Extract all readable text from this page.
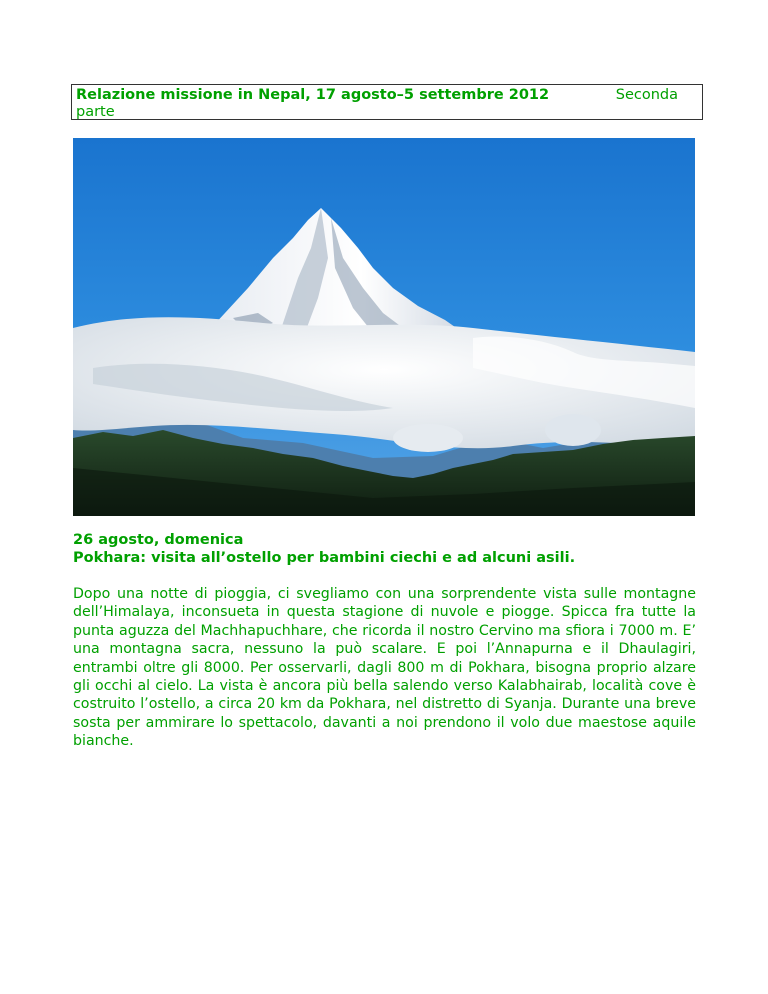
Relazione missione in Nepal, 17 agosto–5 settembre 2012	Seconda
parte
26 agosto, domenica
Pokhara: visita all’ostello per bambini ciechi e ad alcuni asili.

Dopo una notte di pioggia, ci svegliamo con una sorprendente vista sulle montagne dell’Himalaya, inconsueta in questa stagione di nuvole e piogge. Spicca fra tutte la punta aguzza del Machhapuchhare, che ricorda il nostro Cervino ma sfiora i 7000 m. E’ una montagna sacra, nessuno la può scalare. E poi l’Annapurna e il Dhaulagiri, entrambi oltre gli 8000. Per osservarli, dagli 800 m di Pokhara, bisogna proprio alzare gli occhi al cielo. La vista è ancora più bella salendo verso Kalabhairab, località cove è costruito l’ostello, a circa 20 km da Pokhara, nel distretto di Syanja. Durante una breve sosta per ammirare lo spettacolo, davanti a noi prendono il volo due maestose aquile bianche.
